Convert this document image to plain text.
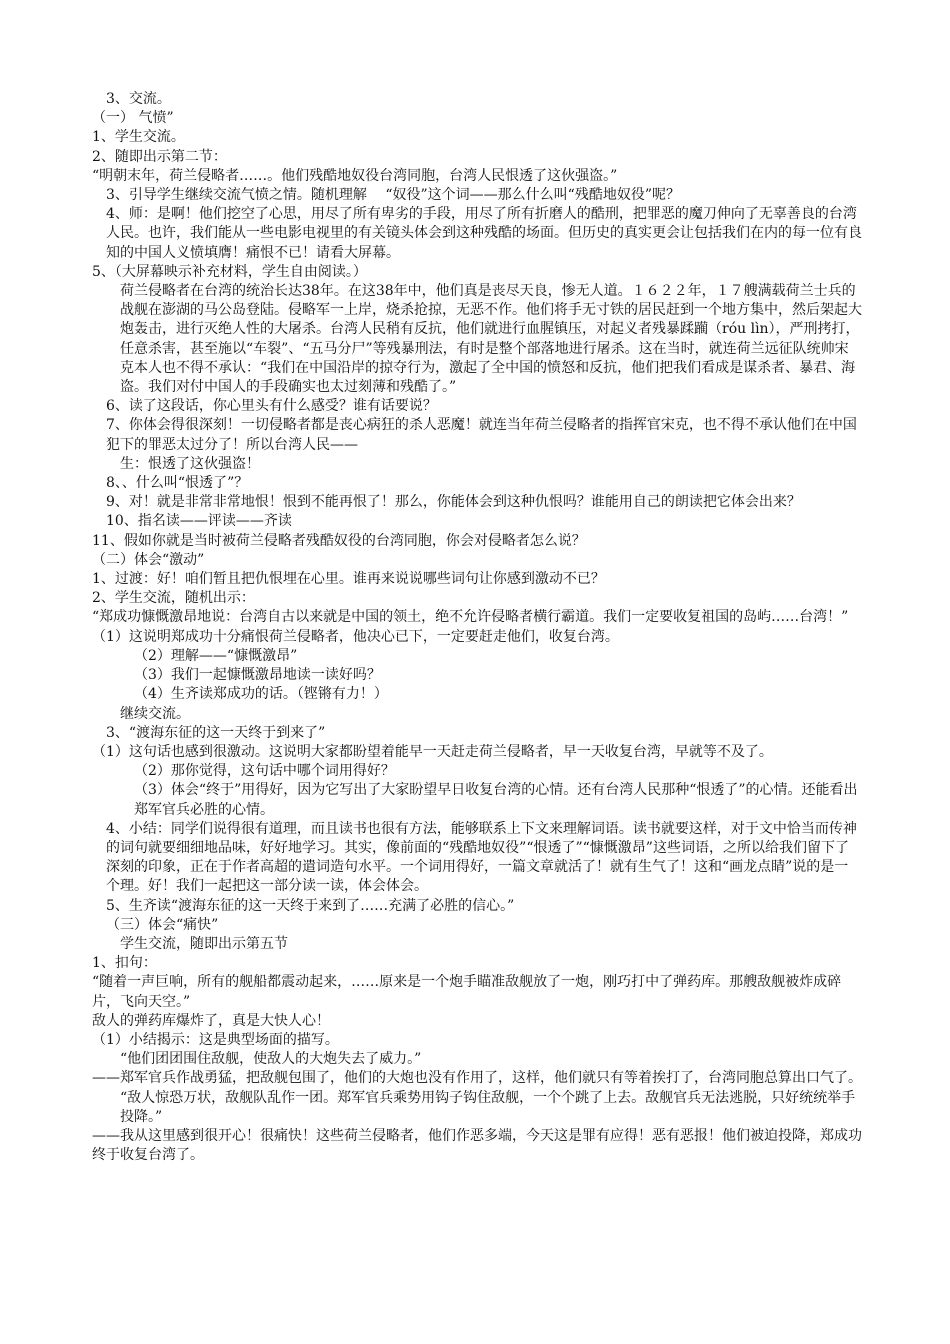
3、交流。

（一） 气愤”

1、学生交流。

2、随即出示第二节：

“明朝末年，荷兰侵略者……。他们残酷地奴役台湾同胞，台湾人民恨透了这伙强盗。”

3、引导学生继续交流气愤之情。随机理解　 “奴役”这个词——那么什么叫“残酷地奴役”呢？

4、师：是啊！他们挖空了心思，用尽了所有卑劣的手段，用尽了所有折磨人的酷刑，把罪恶的魔刀伸向了无辜善良的台湾人民。也许，我们能从一些电影电视里的有关镜头体会到这种残酷的场面。但历史的真实更会让包括我们在内的每一位有良知的中国人义愤填膺！痛恨不已！请看大屏幕。

5、（大屏幕映示补充材料，学生自由阅读。）

荷兰侵略者在台湾的统治长达38年。在这38年中，他们真是丧尽天良，惨无人道。１６２２年，１７艘满载荷兰士兵的战舰在澎湖的马公岛登陆。侵略军一上岸，烧杀抢掠，无恶不作。他们将手无寸铁的居民赶到一个地方集中，然后架起大炮轰击，进行灭绝人性的大屠杀。台湾人民稍有反抗，他们就进行血腥镇压，对起义者残暴蹂躏（róu lìn），严刑拷打，任意杀害，甚至施以“车裂”、“五马分尸”等残暴刑法，有时是整个部落地进行屠杀。这在当时，就连荷兰远征队统帅宋克本人也不得不承认：“我们在中国沿岸的掠夺行为，激起了全中国的愤怒和反抗，他们把我们看成是谋杀者、暴君、海盗。我们对付中国人的手段确实也太过刻薄和残酷了。”

6、读了这段话，你心里头有什么感受？谁有话要说？

7、你体会得很深刻！一切侵略者都是丧心病狂的杀人恶魔！就连当年荷兰侵略者的指挥官宋克，也不得不承认他们在中国犯下的罪恶太过分了！所以台湾人民——

生：恨透了这伙强盗！

8、、什么叫“恨透了”？

9、对！就是非常非常地恨！恨到不能再恨了！那么，你能体会到这种仇恨吗？谁能用自己的朗读把它体会出来？

10、指名读——评读——齐读

11、假如你就是当时被荷兰侵略者残酷奴役的台湾同胞，你会对侵略者怎么说？

（二）体会“激动”

1、过渡：好！咱们暂且把仇恨埋在心里。谁再来说说哪些词句让你感到激动不已？

2、学生交流，随机出示：

“郑成功慷慨激昂地说：台湾自古以来就是中国的领土，绝不允许侵略者横行霸道。我们一定要收复祖国的岛屿……台湾！”

（1）这说明郑成功十分痛恨荷兰侵略者，他决心已下，一定要赶走他们，收复台湾。

（2）理解——“慷慨激昂”

（3）我们一起慷慨激昂地读一读好吗？

（4）生齐读郑成功的话。（铿锵有力！）

继续交流。

3、“渡海东征的这一天终于到来了”

（1）这句话也感到很激动。这说明大家都盼望着能早一天赶走荷兰侵略者，早一天收复台湾，早就等不及了。

（2）那你觉得，这句话中哪个词用得好？

（3）体会“终于”用得好，因为它写出了大家盼望早日收复台湾的心情。还有台湾人民那种“恨透了”的心情。还能看出郑军官兵必胜的心情。

4、小结：同学们说得很有道理，而且读书也很有方法，能够联系上下文来理解词语。读书就要这样，对于文中恰当而传神的词句就要细细地品味，好好地学习。其实，像前面的“残酷地奴役”“恨透了”“慷慨激昂”这些词语，之所以给我们留下了深刻的印象，正在于作者高超的遣词造句水平。一个词用得好，一篇文章就活了！就有生气了！这和“画龙点睛”说的是一个理。好！我们一起把这一部分读一读，体会体会。

5、生齐读“渡海东征的这一天终于来到了……充满了必胜的信心。”

（三）体会“痛快”

学生交流，随即出示第五节

1、扣句：

“随着一声巨响，所有的舰船都震动起来，……原来是一个炮手瞄准敌舰放了一炮，刚巧打中了弹药库。那艘敌舰被炸成碎片，飞向天空。”

敌人的弹药库爆炸了，真是大快人心！

（1）小结揭示：这是典型场面的描写。

“他们团团围住敌舰，使敌人的大炮失去了威力。”

——郑军官兵作战勇猛，把敌舰包围了，他们的大炮也没有作用了，这样，他们就只有等着挨打了，台湾同胞总算出口气了。

“敌人惊恐万状，敌舰队乱作一团。郑军官兵乘势用钩子钩住敌舰，一个个跳了上去。敌舰官兵无法逃脱，只好统统举手投降。”

——我从这里感到很开心！很痛快！这些荷兰侵略者，他们作恶多端，今天这是罪有应得！恶有恶报！他们被迫投降，郑成功终于收复台湾了。
